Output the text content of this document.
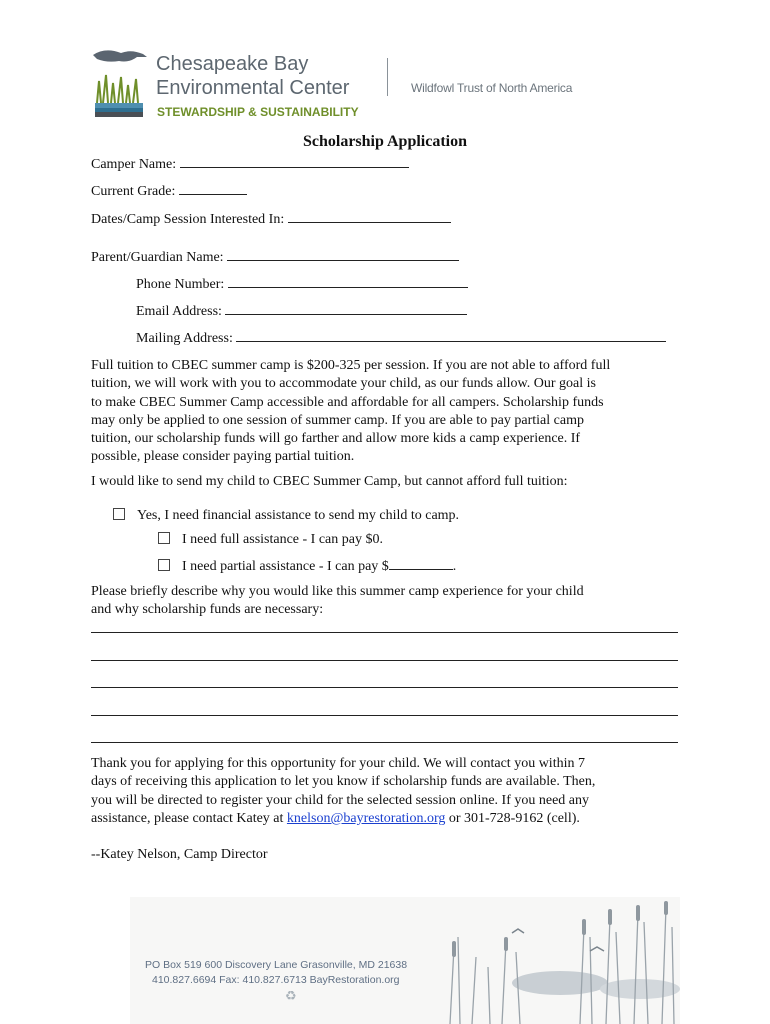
Chesapeake Bay
Environmental Center
STEWARDSHIP & SUSTAINABILITY
Wildfowl Trust of North America
Scholarship Application
Camper Name:
Current Grade:
Dates/Camp Session Interested In:
Parent/Guardian Name:
Phone Number:
Email Address:
Mailing Address:
Full tuition to CBEC summer camp is $200-325 per session. If you are not able to afford full
tuition, we will work with you to accommodate your child, as our funds allow. Our goal is
to make CBEC Summer Camp accessible and affordable for all campers. Scholarship funds
may only be applied to one session of summer camp. If you are able to pay partial camp
tuition, our scholarship funds will go farther and allow more kids a camp experience. If
possible, please consider paying partial tuition.
I would like to send my child to CBEC Summer Camp, but cannot afford full tuition:
Yes, I need financial assistance to send my child to camp.
I need full assistance - I can pay $0.
I need partial assistance - I can pay $	.
Please briefly describe why you would like this summer camp experience for your child
and why scholarship funds are necessary:
Thank you for applying for this opportunity for your child. We will contact you within 7
days of receiving this application to let you know if scholarship funds are available. Then,
you will be directed to register your child for the selected session online. If you need any
assistance, please contact Katey at knelson@bayrestoration.org or 301-728-9162 (cell).
--Katey Nelson, Camp Director
PO Box 519 600 Discovery Lane Grasonville, MD 21638
410.827.6694 Fax: 410.827.6713 BayRestoration.org
♻
